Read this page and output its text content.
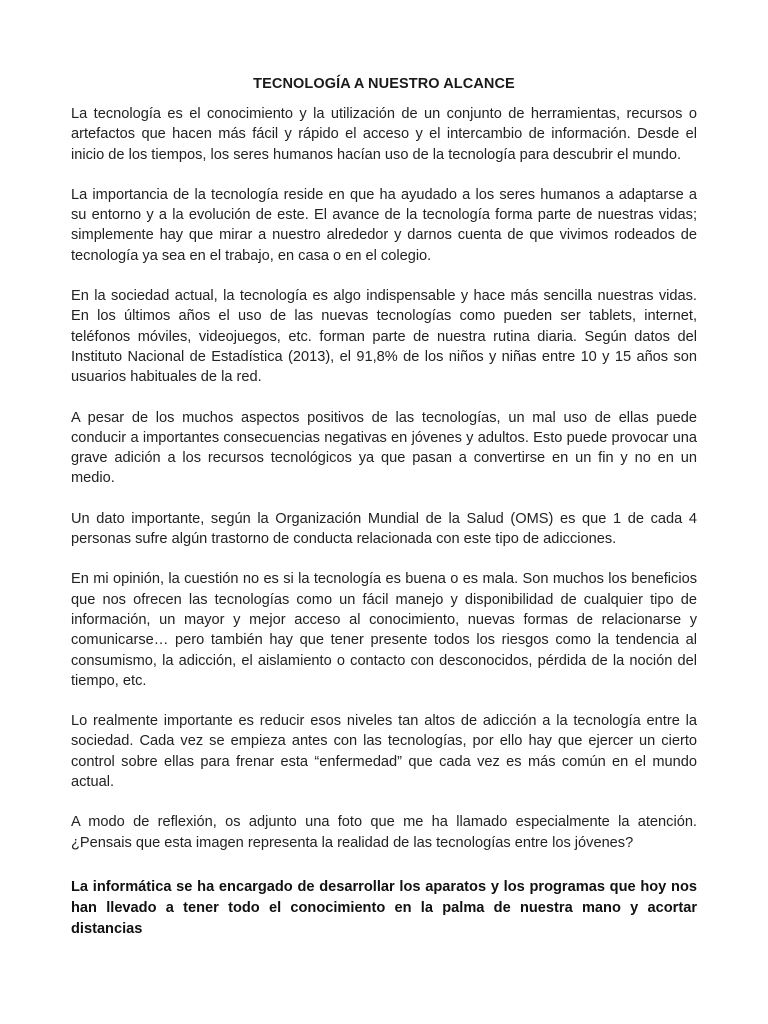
TECNOLOGÍA A NUESTRO ALCANCE

La tecnología es el conocimiento y la utilización de un conjunto de herramientas, recursos o artefactos que hacen más fácil y rápido el acceso y el intercambio de información. Desde el inicio de los tiempos, los seres humanos hacían uso de la tecnología para descubrir el mundo.

La importancia de la tecnología reside en que ha ayudado a los seres humanos a adaptarse a su entorno y a la evolución de este. El avance de la tecnología forma parte de nuestras vidas; simplemente hay que mirar a nuestro alrededor y darnos cuenta de que vivimos rodeados de tecnología ya sea en el trabajo, en casa o en el colegio.

En la sociedad actual, la tecnología es algo indispensable y hace más sencilla nuestras vidas. En los últimos años el uso de las nuevas tecnologías como pueden ser tablets, internet, teléfonos móviles, videojuegos, etc. forman parte de nuestra rutina diaria. Según datos del Instituto Nacional de Estadística (2013), el 91,8% de los niños y niñas entre 10 y 15 años son usuarios habituales de la red.

A pesar de los muchos aspectos positivos de las tecnologías, un mal uso de ellas puede conducir a importantes consecuencias negativas en jóvenes y adultos. Esto puede provocar una grave adición a los recursos tecnológicos ya que pasan a convertirse en un fin y no en un medio.

Un dato importante, según la Organización Mundial de la Salud (OMS) es que 1 de cada 4 personas sufre algún trastorno de conducta relacionada con este tipo de adicciones.

En mi opinión, la cuestión no es si la tecnología es buena o es mala. Son muchos los beneficios que nos ofrecen las tecnologías como un fácil manejo y disponibilidad de cualquier tipo de información, un mayor y mejor acceso al conocimiento, nuevas formas de relacionarse y comunicarse… pero también hay que tener presente todos los riesgos como la tendencia al consumismo, la adicción, el aislamiento o contacto con desconocidos, pérdida de la noción del tiempo, etc.

Lo realmente importante es reducir esos niveles tan altos de adicción a la tecnología entre la sociedad. Cada vez se empieza antes con las tecnologías, por ello hay que ejercer un cierto control sobre ellas para frenar esta “enfermedad” que cada vez es más común en el mundo actual.

A modo de reflexión, os adjunto una foto que me ha llamado especialmente la atención. ¿Pensais que esta imagen representa la realidad de las tecnologías entre los jóvenes?

La informática se ha encargado de desarrollar los aparatos y los programas que hoy nos han llevado a tener todo el conocimiento en la palma de nuestra mano y acortar distancias
